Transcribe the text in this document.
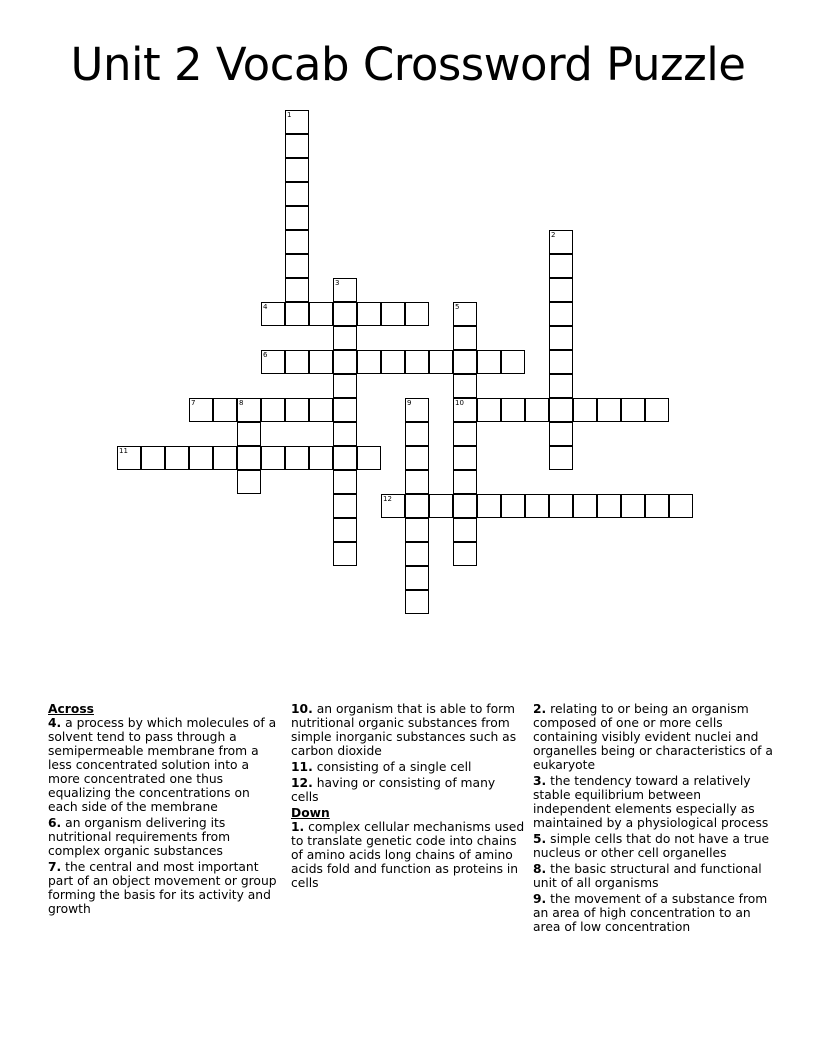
Unit 2 Vocab Crossword Puzzle
1
2
3
4	5
10
6
7	8	9
11
12
Across
4. a process by which molecules of a solvent tend to pass through a semipermeable membrane from a less concentrated solution into a more concentrated one thus equalizing the concentrations on each side of the membrane
6. an organism delivering its nutritional requirements from complex organic substances
7. the central and most important part of an object movement or group forming the basis for its activity and growth
10. an organism that is able to form nutritional organic substances from simple inorganic substances such as carbon dioxide
11. consisting of a single cell
12. having or consisting of many cells
Down
1. complex cellular mechanisms used to translate genetic code into chains of amino acids long chains of amino acids fold and function as proteins in cells
2. relating to or being an organism composed of one or more cells containing visibly evident nuclei and organelles being or characteristics of a eukaryote
3. the tendency toward a relatively stable equilibrium between independent elements especially as maintained by a physiological process
5. simple cells that do not have a true nucleus or other cell organelles
8. the basic structural and functional unit of all organisms
9. the movement of a substance from an area of high concentration to an area of low concentration
